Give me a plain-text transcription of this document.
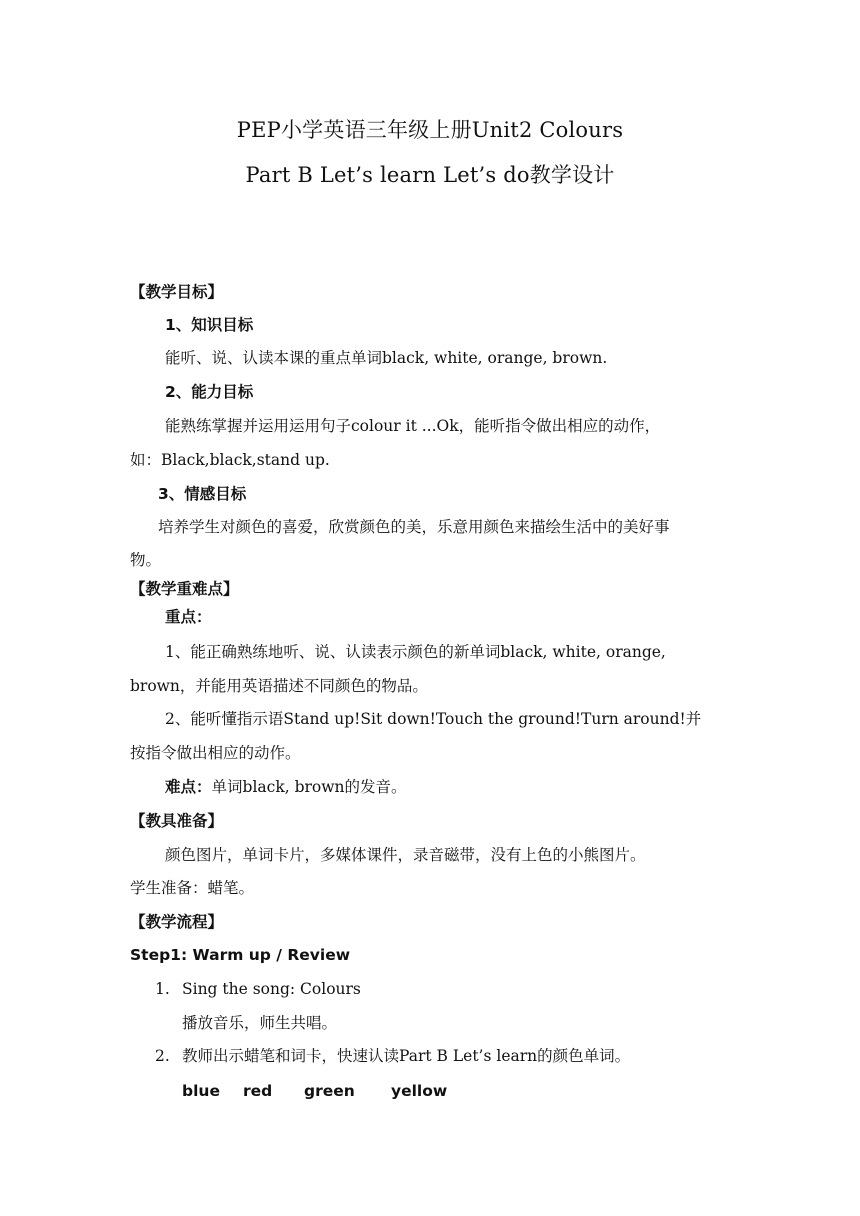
PEP小学英语三年级上册Unit2 Colours
Part B Let’s learn Let’s do教学设计
【教学目标】
1、知识目标
能听、说、认读本课的重点单词black, white, orange, brown.
2、能力目标
能熟练掌握并运用运用句子colour it ...Ok，能听指令做出相应的动作，
如：Black,black,stand up.
3、情感目标
培养学生对颜色的喜爱，欣赏颜色的美，乐意用颜色来描绘生活中的美好事
物。
【教学重难点】
重点：
1、能正确熟练地听、说、认读表示颜色的新单词black, white, orange,
brown，并能用英语描述不同颜色的物品。
2、能听懂指示语Stand up!Sit down!Touch the ground!Turn around!并
按指令做出相应的动作。
难点：单词black, brown的发音。
【教具准备】
颜色图片，单词卡片，多媒体课件，录音磁带，没有上色的小熊图片。
学生准备：蜡笔。
【教学流程】
Step1: Warm up / Review
1. Sing the song: Colours
播放音乐，师生共唱。
2. 教师出示蜡笔和词卡，快速认读Part B Let’s learn的颜色单词。
blue red green yellow
